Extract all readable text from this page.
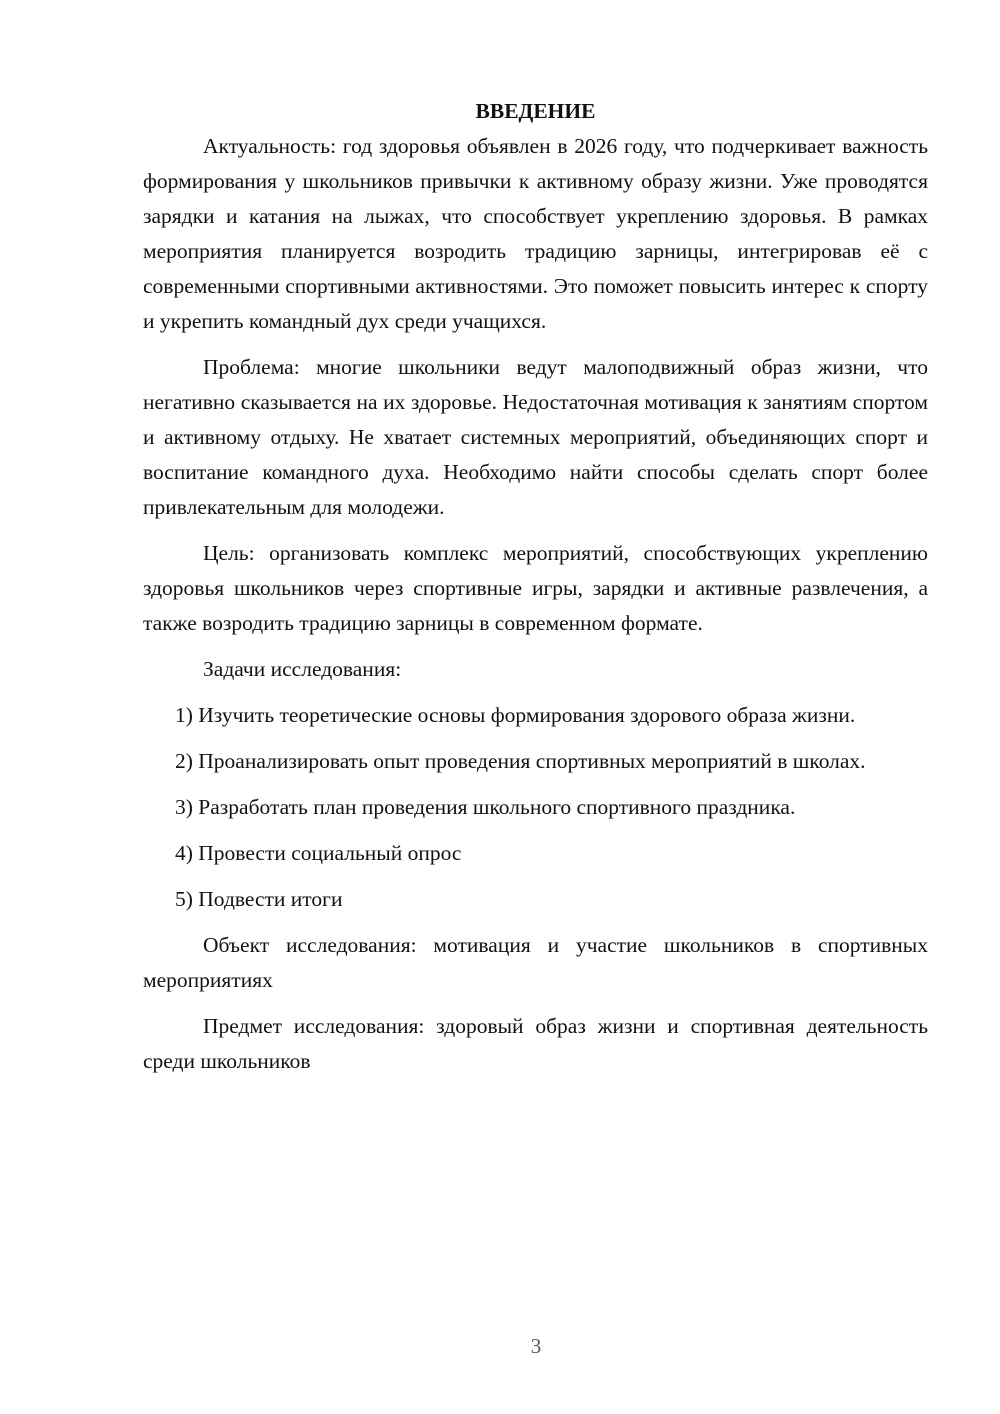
ВВЕДЕНИЕ

Актуальность: год здоровья объявлен в 2026 году, что подчеркивает важность формирования у школьников привычки к активному образу жизни. Уже проводятся зарядки и катания на лыжах, что способствует укреплению здоровья. В рамках мероприятия планируется возродить традицию зарницы, интегрировав её с современными спортивными активностями. Это поможет повысить интерес к спорту и укрепить командный дух среди учащихся.

Проблема: многие школьники ведут малоподвижный образ жизни, что негативно сказывается на их здоровье. Недостаточная мотивация к занятиям спортом и активному отдыху. Не хватает системных мероприятий, объединяющих спорт и воспитание командного духа. Необходимо найти способы сделать спорт более привлекательным для молодежи.

Цель: организовать комплекс мероприятий, способствующих укреплению здоровья школьников через спортивные игры, зарядки и активные развлечения, а также возродить традицию зарницы в современном формате.

Задачи исследования:

1) Изучить теоретические основы формирования здорового образа жизни.

2) Проанализировать опыт проведения спортивных мероприятий в школах.

3) Разработать план проведения школьного спортивного праздника.

4) Провести социальный опрос

5) Подвести итоги

Объект исследования: мотивация и участие школьников в спортивных мероприятиях

Предмет исследования: здоровый образ жизни и спортивная деятельность среди школьников

3
